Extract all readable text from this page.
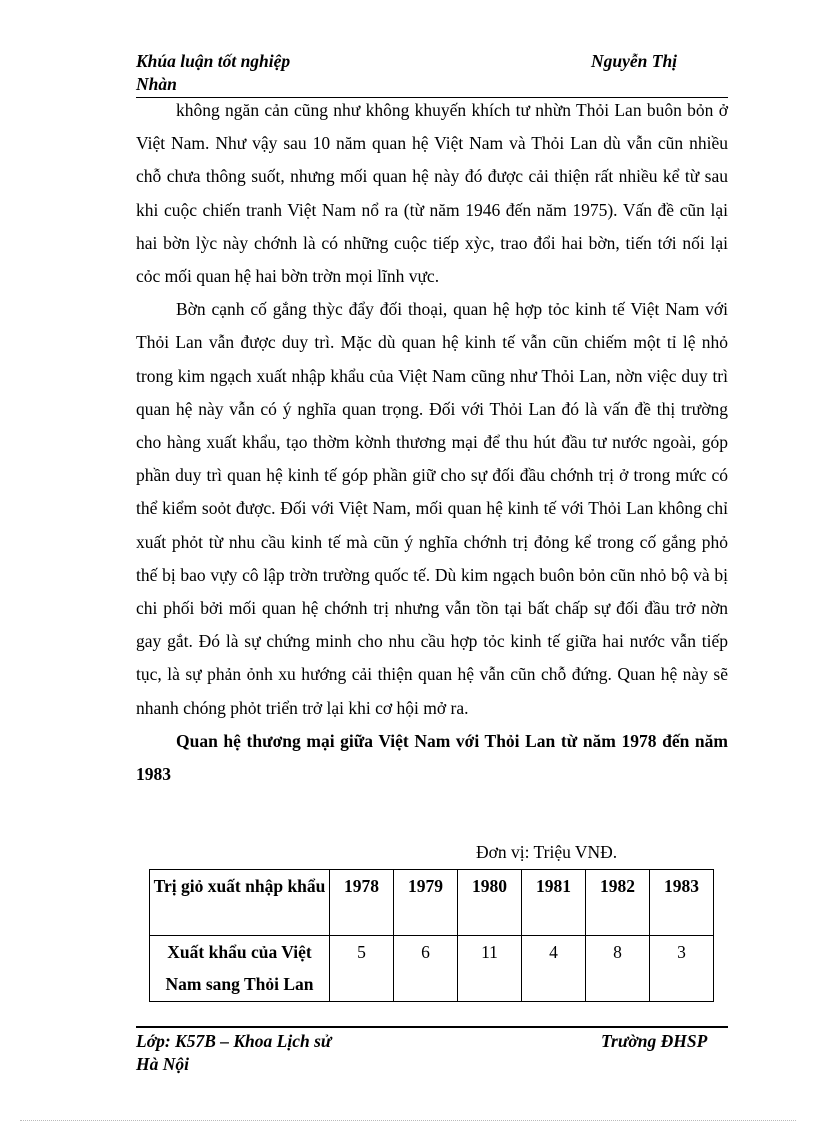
Khúa luận tốt nghiệp	Nguyễn Thị
Nhàn

không ngăn cản cũng như không khuyến khích tư nhừn Thỏi Lan buôn bỏn ở Việt Nam. Như vậy sau 10 năm quan hệ Việt Nam và Thỏi Lan dù vẫn cũn nhiều chỗ chưa thông suốt, nhưng mối quan hệ này đó được cải thiện rất nhiều kể từ sau khi cuộc chiến tranh Việt Nam nổ ra (từ năm 1946 đến năm 1975). Vấn đề cũn lại hai bờn lỳc này chớnh là có những cuộc tiếp xỳc, trao đổi hai bờn, tiến tới nối lại cỏc mối quan hệ hai bờn trờn mọi lĩnh vực.

Bờn cạnh cố gắng thỳc đẩy đối thoại, quan hệ hợp tỏc kinh tế Việt Nam với Thỏi Lan vẫn được duy trì. Mặc dù quan hệ kinh tế vẫn cũn chiếm một tỉ lệ nhỏ trong kim ngạch xuất nhập khẩu của Việt Nam cũng như Thỏi Lan, nờn việc duy trì quan hệ này vẫn có ý nghĩa quan trọng. Đối với Thỏi Lan đó là vấn đề thị trường cho hàng xuất khẩu, tạo thờm kờnh thương mại để thu hút đầu tư nước ngoài, góp phần duy trì quan hệ kinh tế góp phần giữ cho sự đối đầu chớnh trị ở trong mức có thể kiểm soỏt được. Đối với Việt Nam, mối quan hệ kinh tế với Thỏi Lan không chỉ xuất phỏt từ nhu cầu kinh tế mà cũn ý nghĩa chớnh trị đỏng kể trong cố gắng phỏ thế bị bao vựy cô lập trờn trường quốc tế. Dù kim ngạch buôn bỏn cũn nhỏ bộ và bị chi phối bởi mối quan hệ chớnh trị nhưng vẫn tồn tại bất chấp sự đối đầu trở nờn gay gắt. Đó là sự chứng minh cho nhu cầu hợp tỏc kinh tế giữa hai nước vẫn tiếp tục, là sự phản ỏnh xu hướng cải thiện quan hệ vẫn cũn chỗ đứng. Quan hệ này sẽ nhanh chóng phỏt triển trở lại khi cơ hội mở ra.

Quan hệ thương mại giữa Việt Nam với Thỏi Lan từ năm 1978 đến năm 1983

Đơn vị: Triệu VNĐ.
Trị giỏ xuất nhập khẩu	1978	1979	1980	1981	1982	1983
Xuất khẩu của Việt Nam sang Thỏi Lan	5	6	11	4	8	3
Lớp: K57B – Khoa Lịch sử	Trường ĐHSP
Hà Nội
